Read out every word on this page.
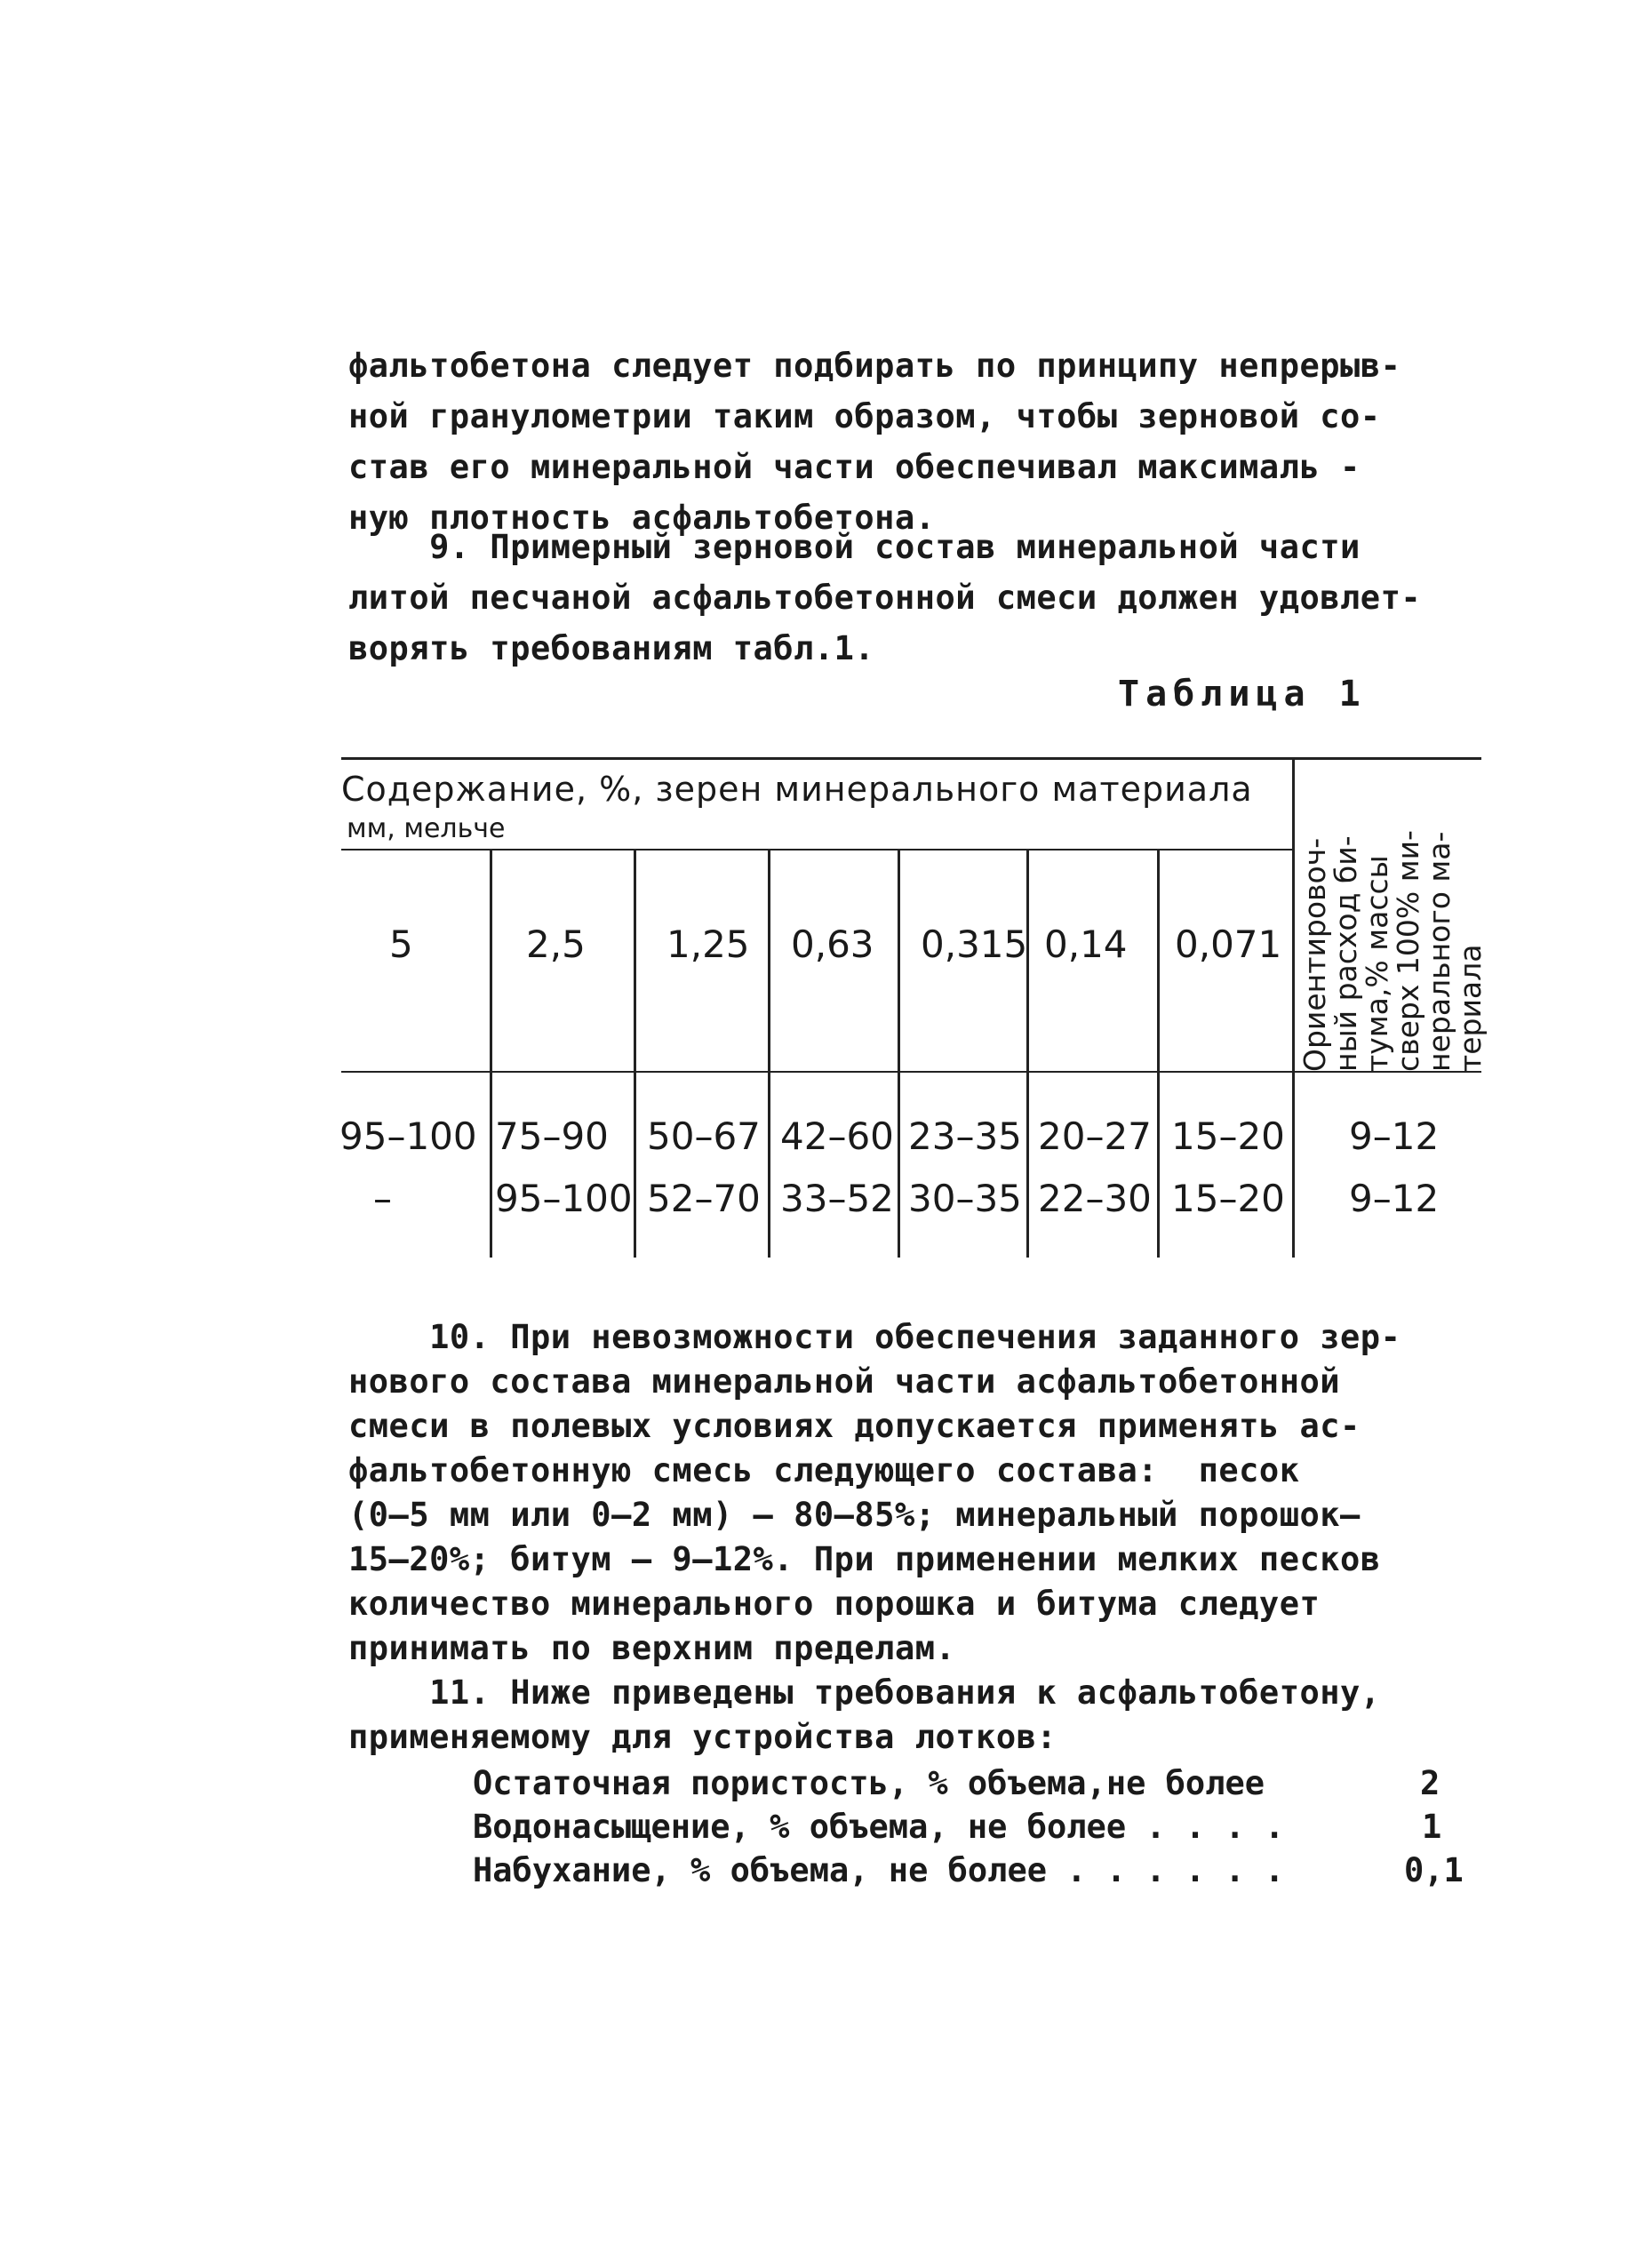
фальтобетона следует подбирать по принципу непрерыв-
ной гранулометрии таким образом, чтобы зерновой со-
став его минеральной части обеспечивал максималь -
ную плотность асфальтобетона.
9. Примерный зерновой состав минеральной части
литой песчаной асфальтобетонной смеси должен удовлет-
ворять требованиям табл.1.
Таблица 1
Содержание, %, зерен минерального материала
мм, мельче
Ориентировоч-ный расход би-тума,% массы сверх 100% ми-нерального ма-териала
5	2,5 1,25 0,63 0,315 0,14 0,071
95–100 75–90 50–67 42–60 23–35 20–27 15–20 9–12
–	95–100 52–70 33–52 30–35 22–30 15–20 9–12
10. При невозможности обеспечения заданного зер-
нового состава минеральной части асфальтобетонной
смеси в полевых условиях допускается применять ас-
фальтобетонную смесь следующего состава:  песок
(0–5 мм или 0–2 мм) – 80–85%; минеральный порошок–
15–20%; битум – 9–12%. При применении мелких песков
количество минерального порошка и битума следует
принимать по верхним пределам.
11. Ниже приведены требования к асфальтобетону,
применяемому для устройства лотков:
Остаточная пористость, % объема,не более	2
Водонасыщение, % объема, не более . . . .	1
Набухание, % объема, не более . . . . . .	0,1
